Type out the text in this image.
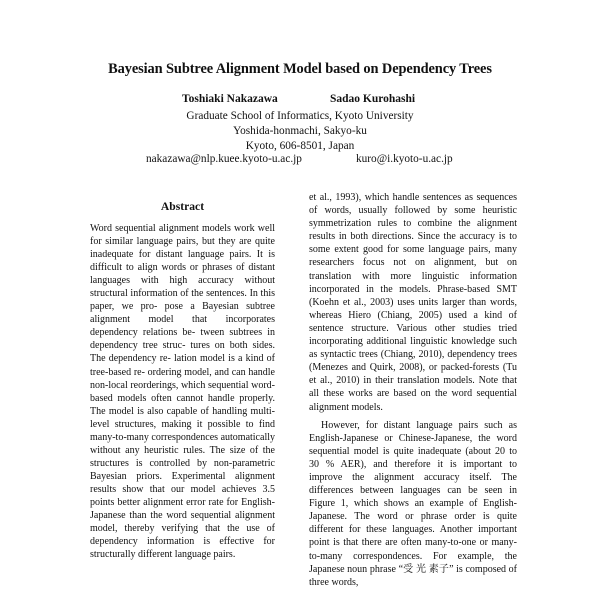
Bayesian Subtree Alignment Model based on Dependency Trees
Toshiaki Nakazawa	Sadao Kurohashi
Graduate School of Informatics, Kyoto University
Yoshida-honmachi, Sakyo-ku
Kyoto, 606-8501, Japan
nakazawa@nlp.kuee.kyoto-u.ac.jp	kuro@i.kyoto-u.ac.jp
Abstract
Word sequential alignment models work well for similar language pairs, but they are quite inadequate for distant language pairs. It is difficult to align words or phrases of distant languages with high accuracy without structural information of the sentences. In this paper, we pro- pose a Bayesian subtree alignment model that incorporates dependency relations be- tween subtrees in dependency tree struc- tures on both sides. The dependency re- lation model is a kind of tree-based re- ordering model, and can handle non-local reorderings, which sequential word-based models often cannot handle properly. The model is also capable of handling multi-level structures, making it possible to find many-to-many correspondences automatically without any heuristic rules. The size of the structures is controlled by non-parametric Bayesian priors. Experimental alignment results show that our model achieves 3.5 points better alignment error rate for English-Japanese than the word sequential alignment model, thereby verifying that the use of dependency information is effective for structurally different language pairs.

et al., 1993), which handle sentences as sequences of words, usually followed by some heuristic symmetrization rules to combine the alignment results in both directions. Since the accuracy is to some extent good for some language pairs, many researchers focus not on alignment, but on translation with more linguistic information incorporated in the models. Phrase-based SMT (Koehn et al., 2003) uses units larger than words, whereas Hiero (Chiang, 2005) used a kind of sentence structure. Various other studies tried incorporating additional linguistic knowledge such as syntactic trees (Chiang, 2010), dependency trees (Menezes and Quirk, 2008), or packed-forests (Tu et al., 2010) in their translation models. Note that all these works are based on the word sequential alignment models.

However, for distant language pairs such as English-Japanese or Chinese-Japanese, the word sequential model is quite inadequate (about 20 to 30 % AER), and therefore it is important to improve the alignment accuracy itself. The differences between languages can be seen in Figure 1, which shows an example of English-Japanese. The word or phrase order is quite different for these languages. Another important point is that there are often many-to-one or many-to-many correspondences. For example, the Japanese noun phrase “受 光 素子” is composed of three words,
